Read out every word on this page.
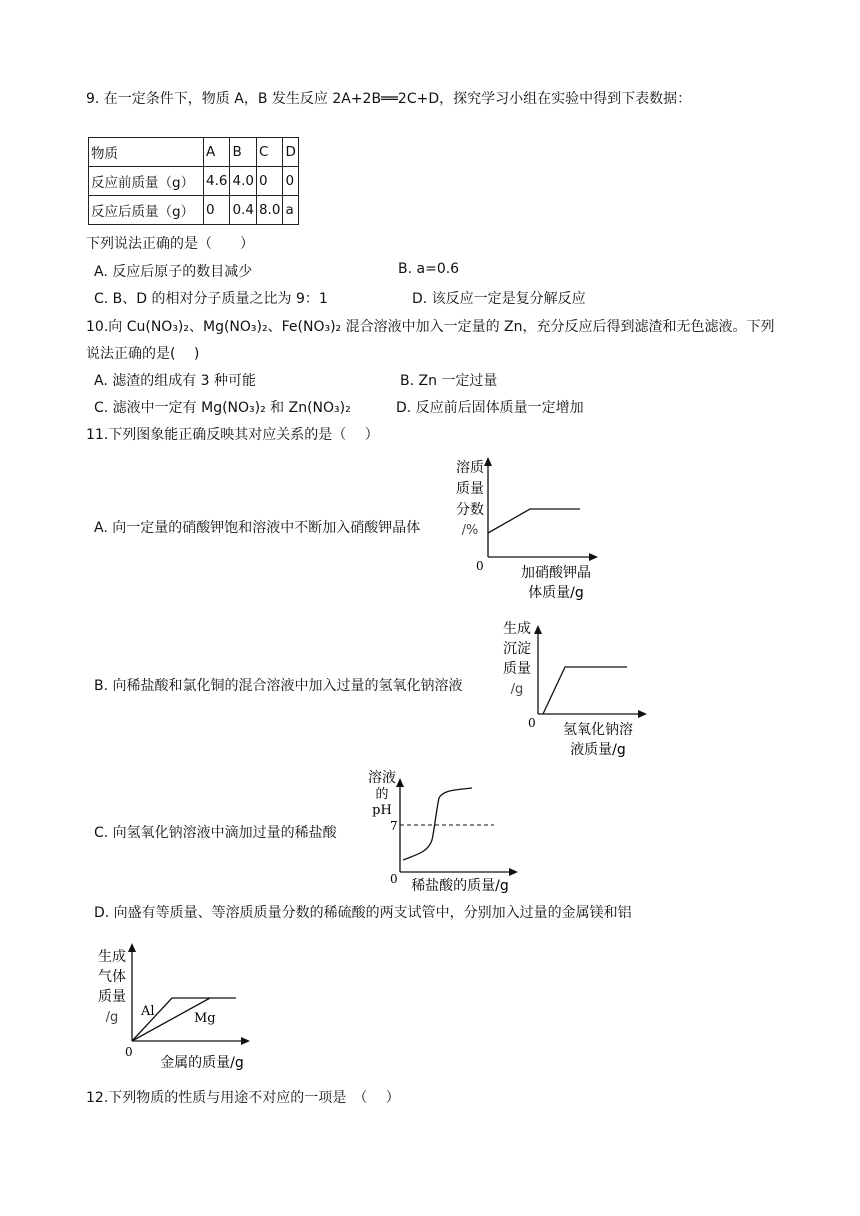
9. 在一定条件下，物质 A，B 发生反应 2A+2B══2C+D，探究学习小组在实验中得到下表数据：
物质	A	B	C	D
反应前质量（g）	4.6	4.0	0	0
反应后质量（g）	0	0.4	8.0	a
下列说法正确的是（　　）
A. 反应后原子的数目减少	B. a=0.6
C. B、D 的相对分子质量之比为 9：1	D. 该反应一定是复分解反应
10.向 Cu(NO₃)₂、Mg(NO₃)₂、Fe(NO₃)₂ 混合溶液中加入一定量的 Zn，充分反应后得到滤渣和无色滤液。下列
说法正确的是(　 )
A. 滤渣的组成有 3 种可能	B. Zn 一定过量
C. 滤液中一定有 Mg(NO₃)₂ 和 Zn(NO₃)₂	D. 反应前后固体质量一定增加
11.下列图象能正确反映其对应关系的是（　 ）
A. 向一定量的硝酸钾饱和溶液中不断加入硝酸钾晶体
溶质
质量
分数
/%
0	加硝酸钾晶
体质量/g
B. 向稀盐酸和氯化铜的混合溶液中加入过量的氢氧化钠溶液
生成
沉淀
质量
/g
0 氢氧化钠溶
液质量/g
C. 向氢氧化钠溶液中滴加过量的稀盐酸
溶液
的
pH
7
0 稀盐酸的质量/g
D. 向盛有等质量、等溶质质量分数的稀硫酸的两支试管中，分别加入过量的金属镁和铝
生成
气体
质量
/g Al	Mg
0
金属的质量/g
12.下列物质的性质与用途不对应的一项是　（　 ）
